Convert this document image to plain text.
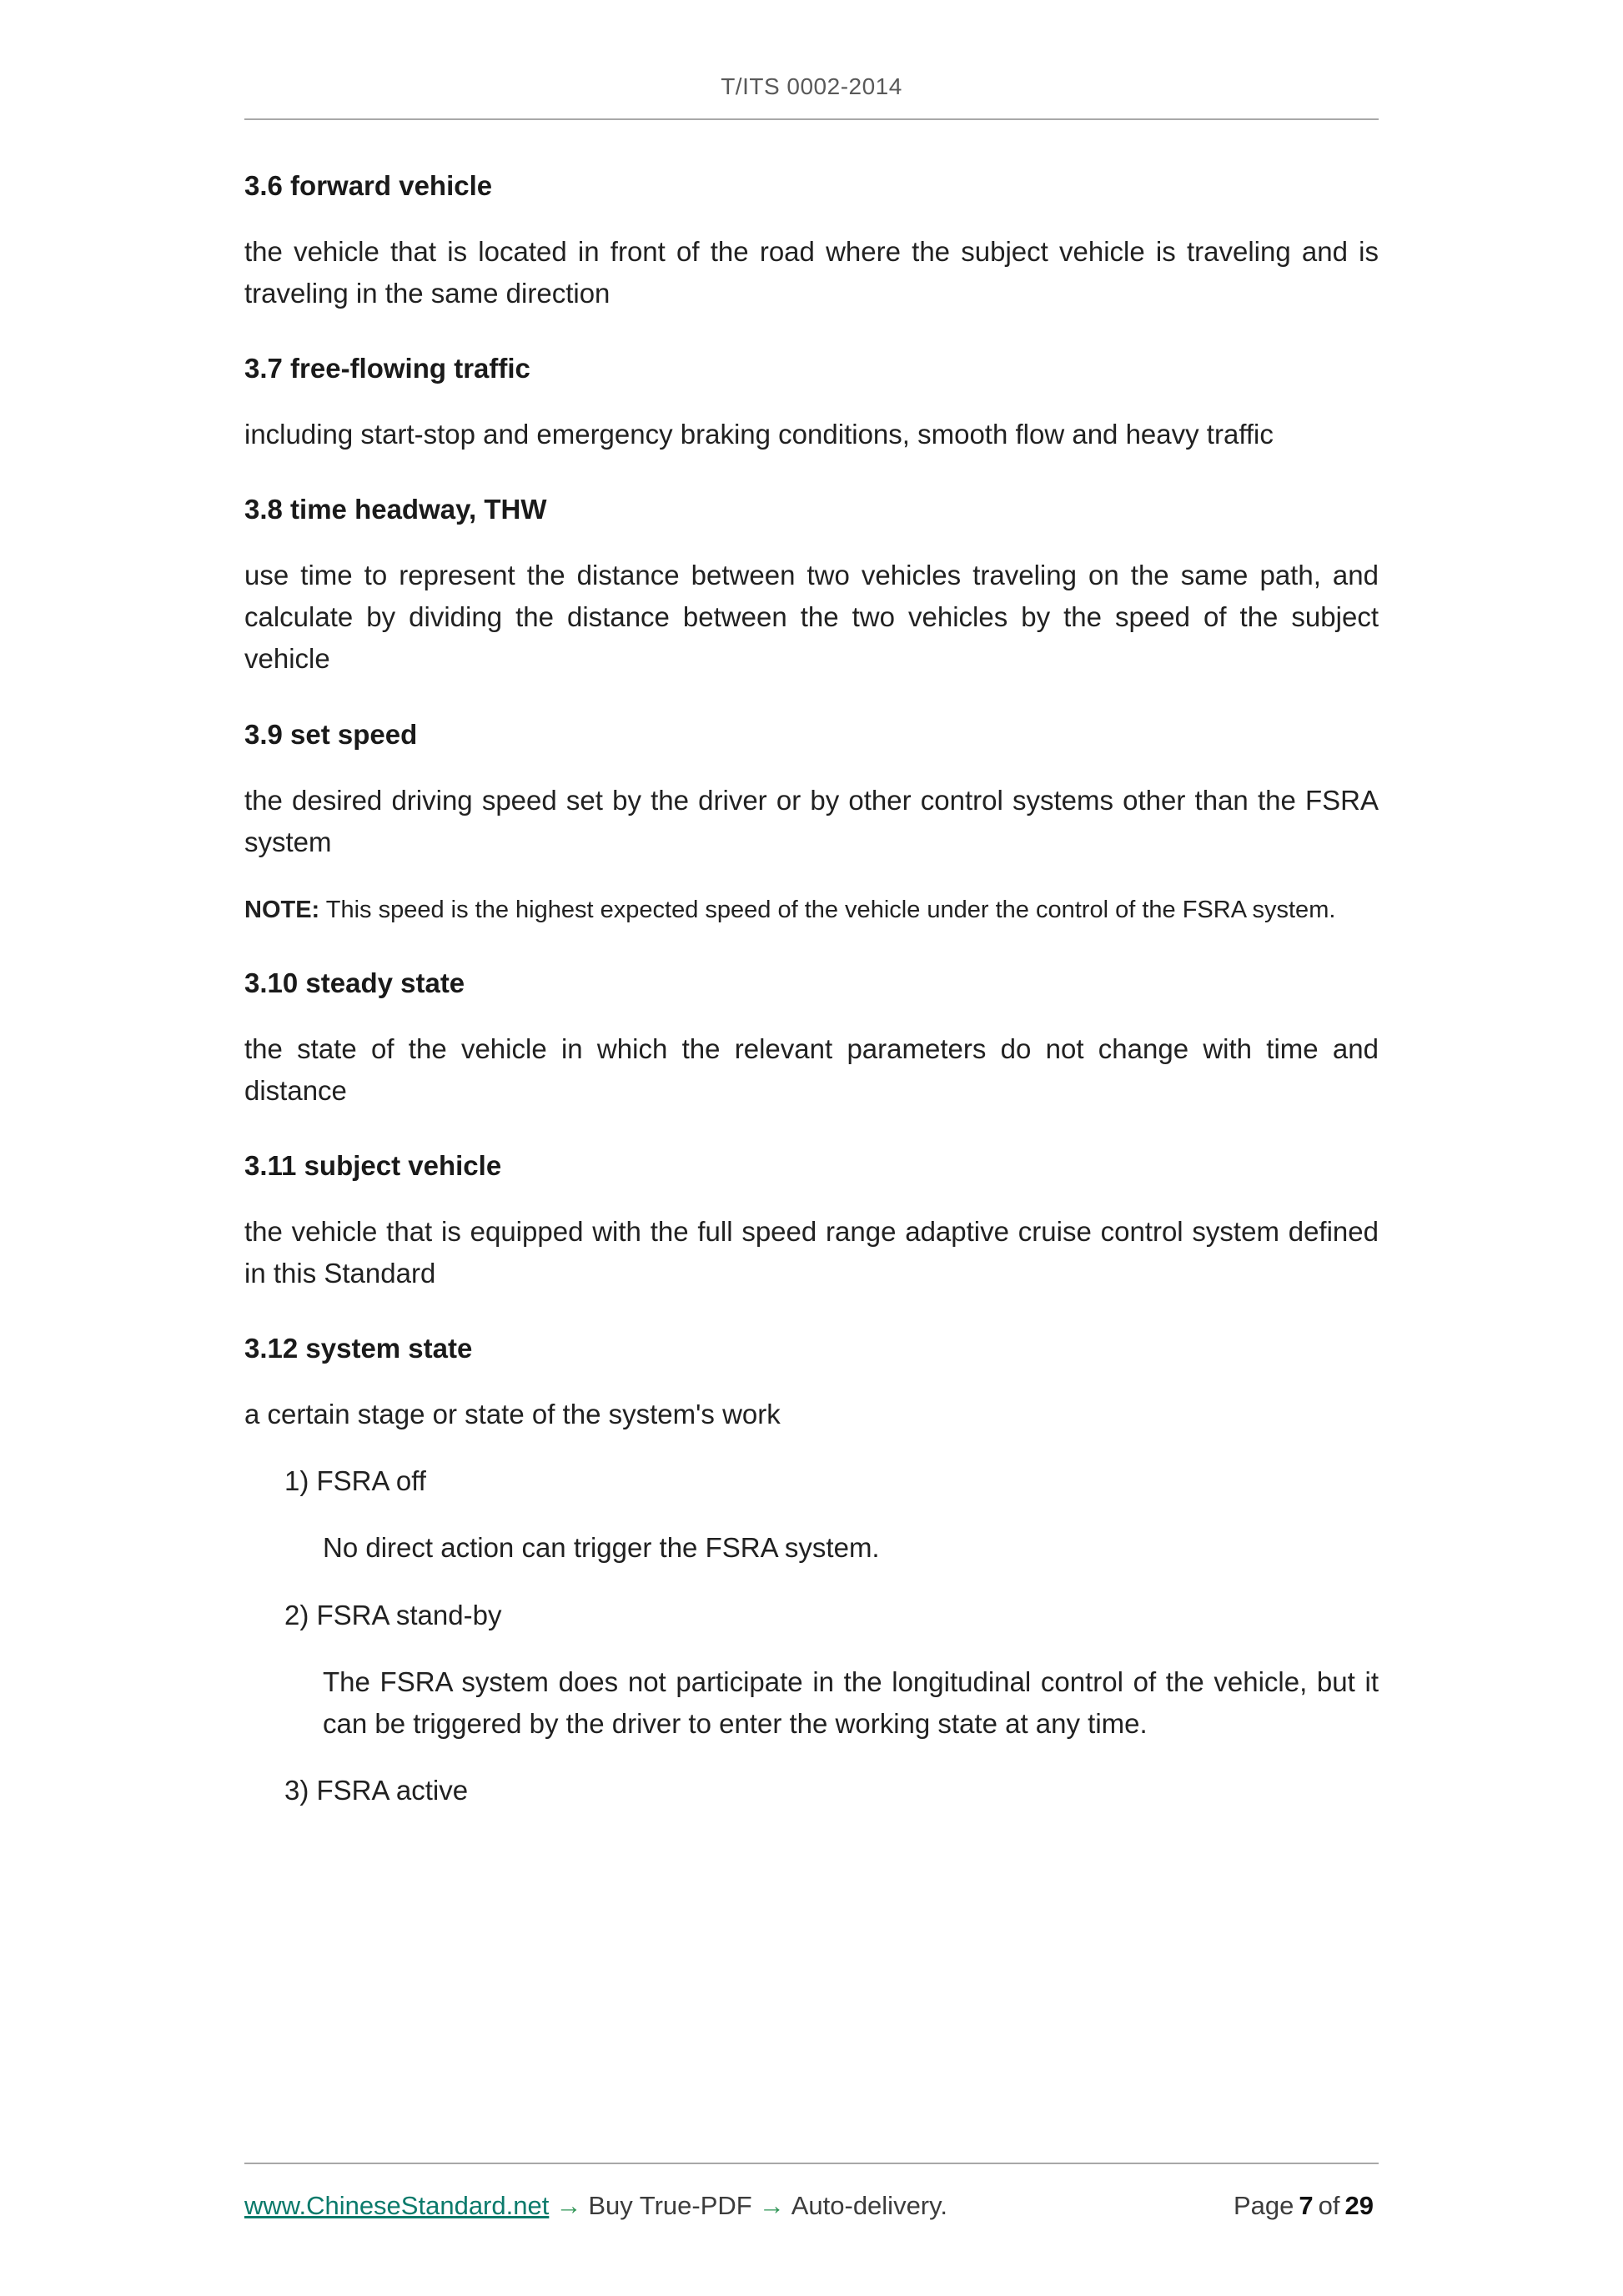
T/ITS 0002-2014
3.6 forward vehicle

the vehicle that is located in front of the road where the subject vehicle is traveling and is traveling in the same direction

3.7 free-flowing traffic

including start-stop and emergency braking conditions, smooth flow and heavy traffic

3.8 time headway, THW

use time to represent the distance between two vehicles traveling on the same path, and calculate by dividing the distance between the two vehicles by the speed of the subject vehicle

3.9 set speed

the desired driving speed set by the driver or by other control systems other than the FSRA system

NOTE: This speed is the highest expected speed of the vehicle under the control of the FSRA system.

3.10 steady state

the state of the vehicle in which the relevant parameters do not change with time and distance

3.11 subject vehicle

the vehicle that is equipped with the full speed range adaptive cruise control system defined in this Standard

3.12 system state

a certain stage or state of the system's work

1) FSRA off

No direct action can trigger the FSRA system.

2) FSRA stand-by

The FSRA system does not participate in the longitudinal control of the vehicle, but it can be triggered by the driver to enter the working state at any time.

3) FSRA active

www.ChineseStandard.net → Buy True-PDF → Auto-delivery.	Page 7 of 29
